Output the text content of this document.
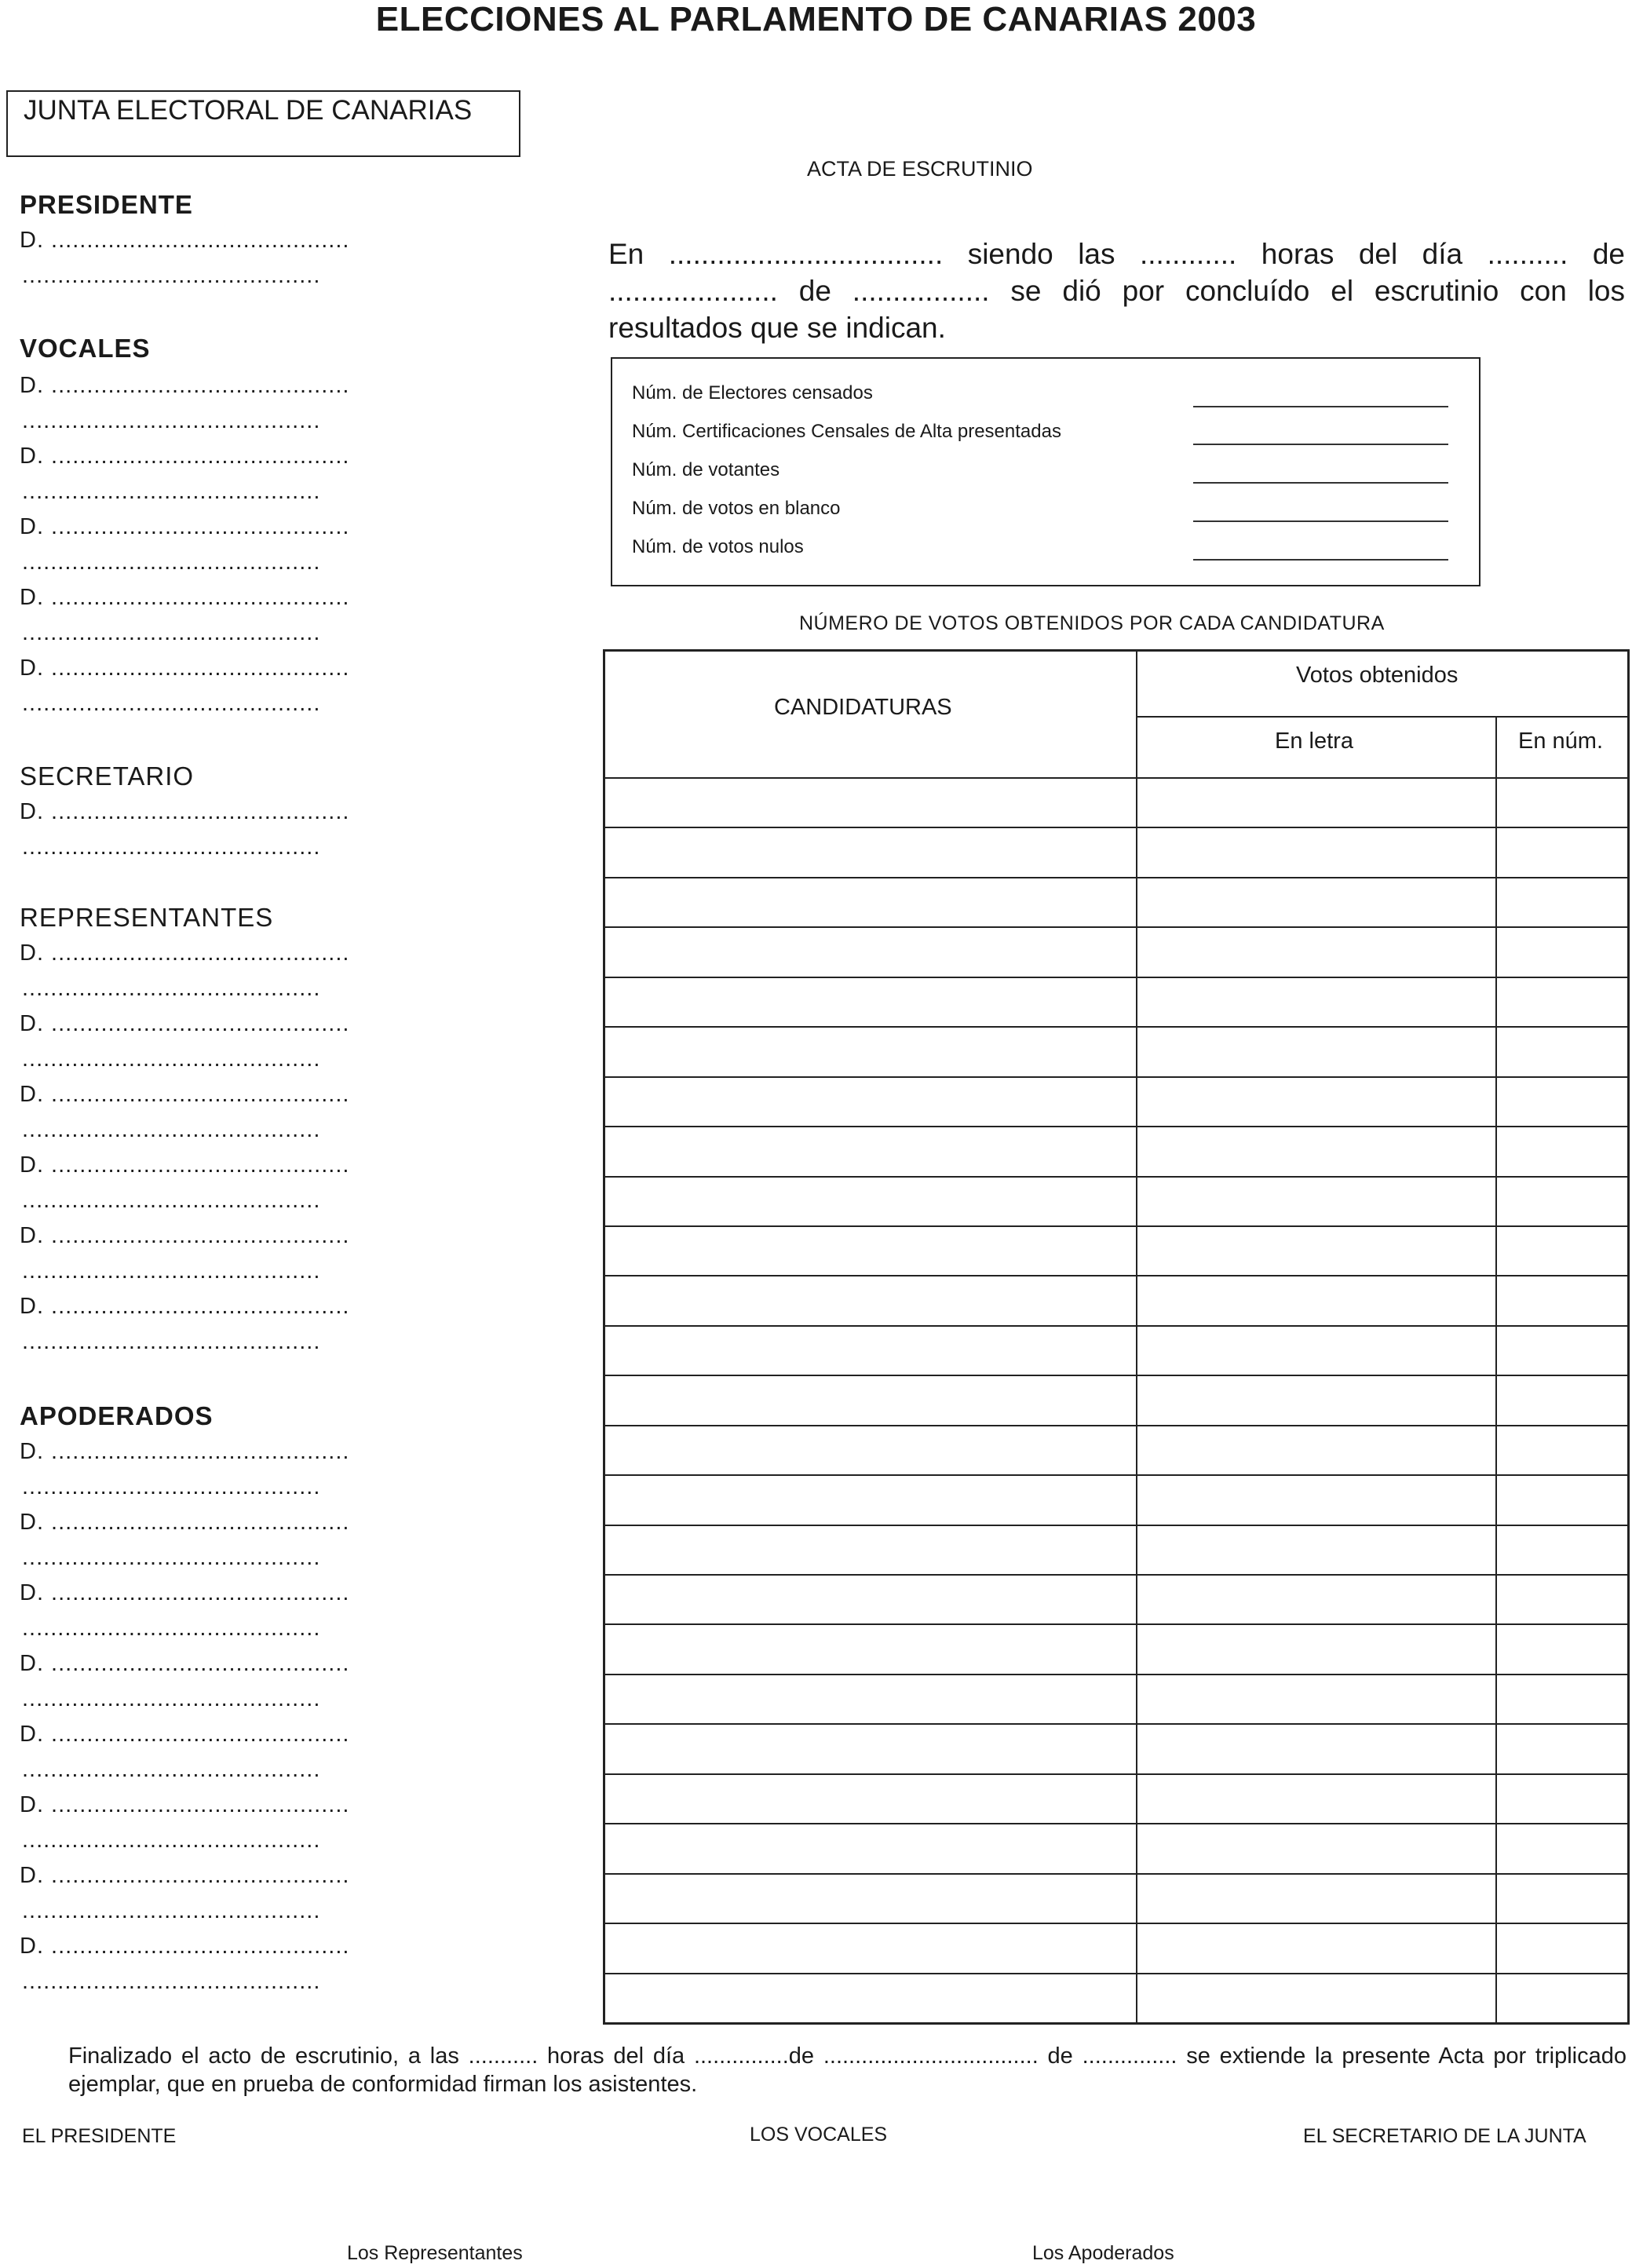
ELECCIONES AL PARLAMENTO DE CANARIAS 2003
JUNTA ELECTORAL DE CANARIAS
PRESIDENTE
D. ..........................................
..........................................
VOCALES
D. ..........................................
..........................................
D. ..........................................
..........................................
D. ..........................................
..........................................
D. ..........................................
..........................................
D. ..........................................
..........................................
SECRETARIO
D. ..........................................
..........................................
REPRESENTANTES
D. ..........................................
..........................................
D. ..........................................
..........................................
D. ..........................................
..........................................
D. ..........................................
..........................................
D. ..........................................
..........................................
D. ..........................................
..........................................
APODERADOS
D. ..........................................
..........................................
D. ..........................................
..........................................
D. ..........................................
..........................................
D. ..........................................
..........................................
D. ..........................................
..........................................
D. ..........................................
..........................................
D. ..........................................
..........................................
D. ..........................................
..........................................
ACTA DE ESCRUTINIO
En .................................. siendo las ............ horas del día .......... de ..................... de ................. se dió por concluído el escrutinio con los resultados que se indican.
Núm. de Electores censados
Núm. Certificaciones Censales de Alta presentadas
Núm. de votantes
Núm. de votos en blanco
Núm. de votos nulos
NÚMERO DE VOTOS OBTENIDOS POR CADA CANDIDATURA
CANDIDATURAS
Votos obtenidos
En letra	En núm.
Finalizado el acto de escrutinio, a las ........... horas del día ...............de .................................. de ............... se extiende la presente Acta por triplicado ejemplar, que en prueba de conformidad firman los asistentes.
EL PRESIDENTE	LOS VOCALES	EL SECRETARIO DE LA JUNTA
Los Representantes	Los Apoderados
